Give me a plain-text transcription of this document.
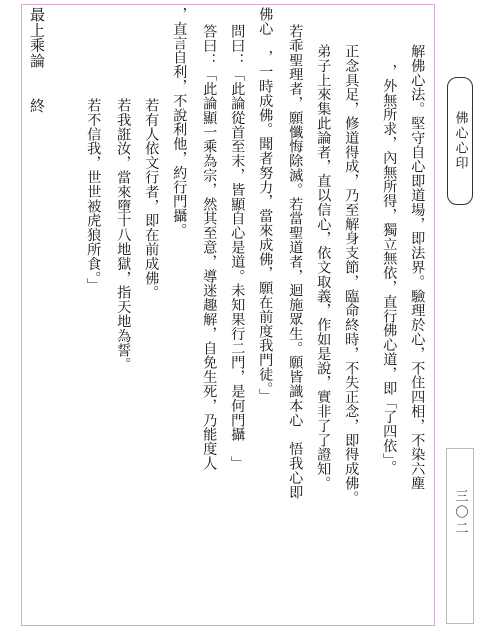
佛心心印
三〇二
解佛心法。堅守自心即道場，即法界。驗理於心，不住四相，不染六塵
，外無所求，內無所得，獨立無依，直行佛心道，即「了四依」。
正念具足，修道得成，乃至解身支節，臨命終時，不失正念，即得成佛。
弟子上來集此論者，直以信心，依文取義，作如是說，實非了了證知。
若乖聖理者，願懺悔除滅。若當聖道者，迴施眾生。願皆識本心　悟我心即
佛心　，一時成佛。聞者努力，當來成佛，願在前度我門徒。」
問曰：「此論從首至末，皆顯自心是道。未知果行二門，是何門攝　」
答曰：「此論顯一乘為宗，然其至意，導迷趣解，自免生死，乃能度人
，直言自利，不說利他，約行門攝。
若有人依文行者，即在前成佛。
若我誑汝，當來墮十八地獄，指天地為誓。
若不信我，世世被虎狼所食。」
最上乘論
終
